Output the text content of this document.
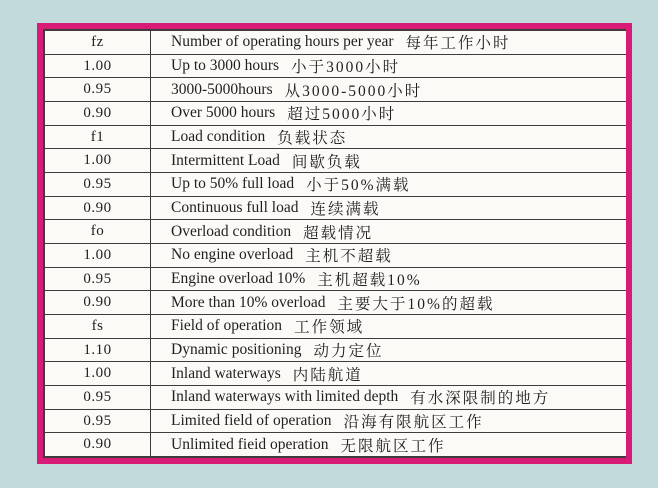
fz	Number of operating hours per year 每年工作小时
1.00	Up to 3000 hours 小于3000小时
0.95	3000-5000hours 从3000-5000小时
0.90	Over 5000 hours 超过5000小时
f1	Load condition 负载状态
1.00	Intermittent Load 间歇负载
0.95	Up to 50% full load 小于50%满载
0.90	Continuous full load 连续满载
fo	Overload condition 超载情况
1.00	No engine overload 主机不超载
0.95	Engine overload 10% 主机超载10%
0.90	More than 10% overload 主要大于10%的超载
fs	Field of operation 工作领域
1.10	Dynamic positioning 动力定位
1.00	Inland waterways 内陆航道
0.95	Inland waterways with limited depth 有水深限制的地方
0.95	Limited field of operation 沿海有限航区工作
0.90	Unlimited fieid operation 无限航区工作
